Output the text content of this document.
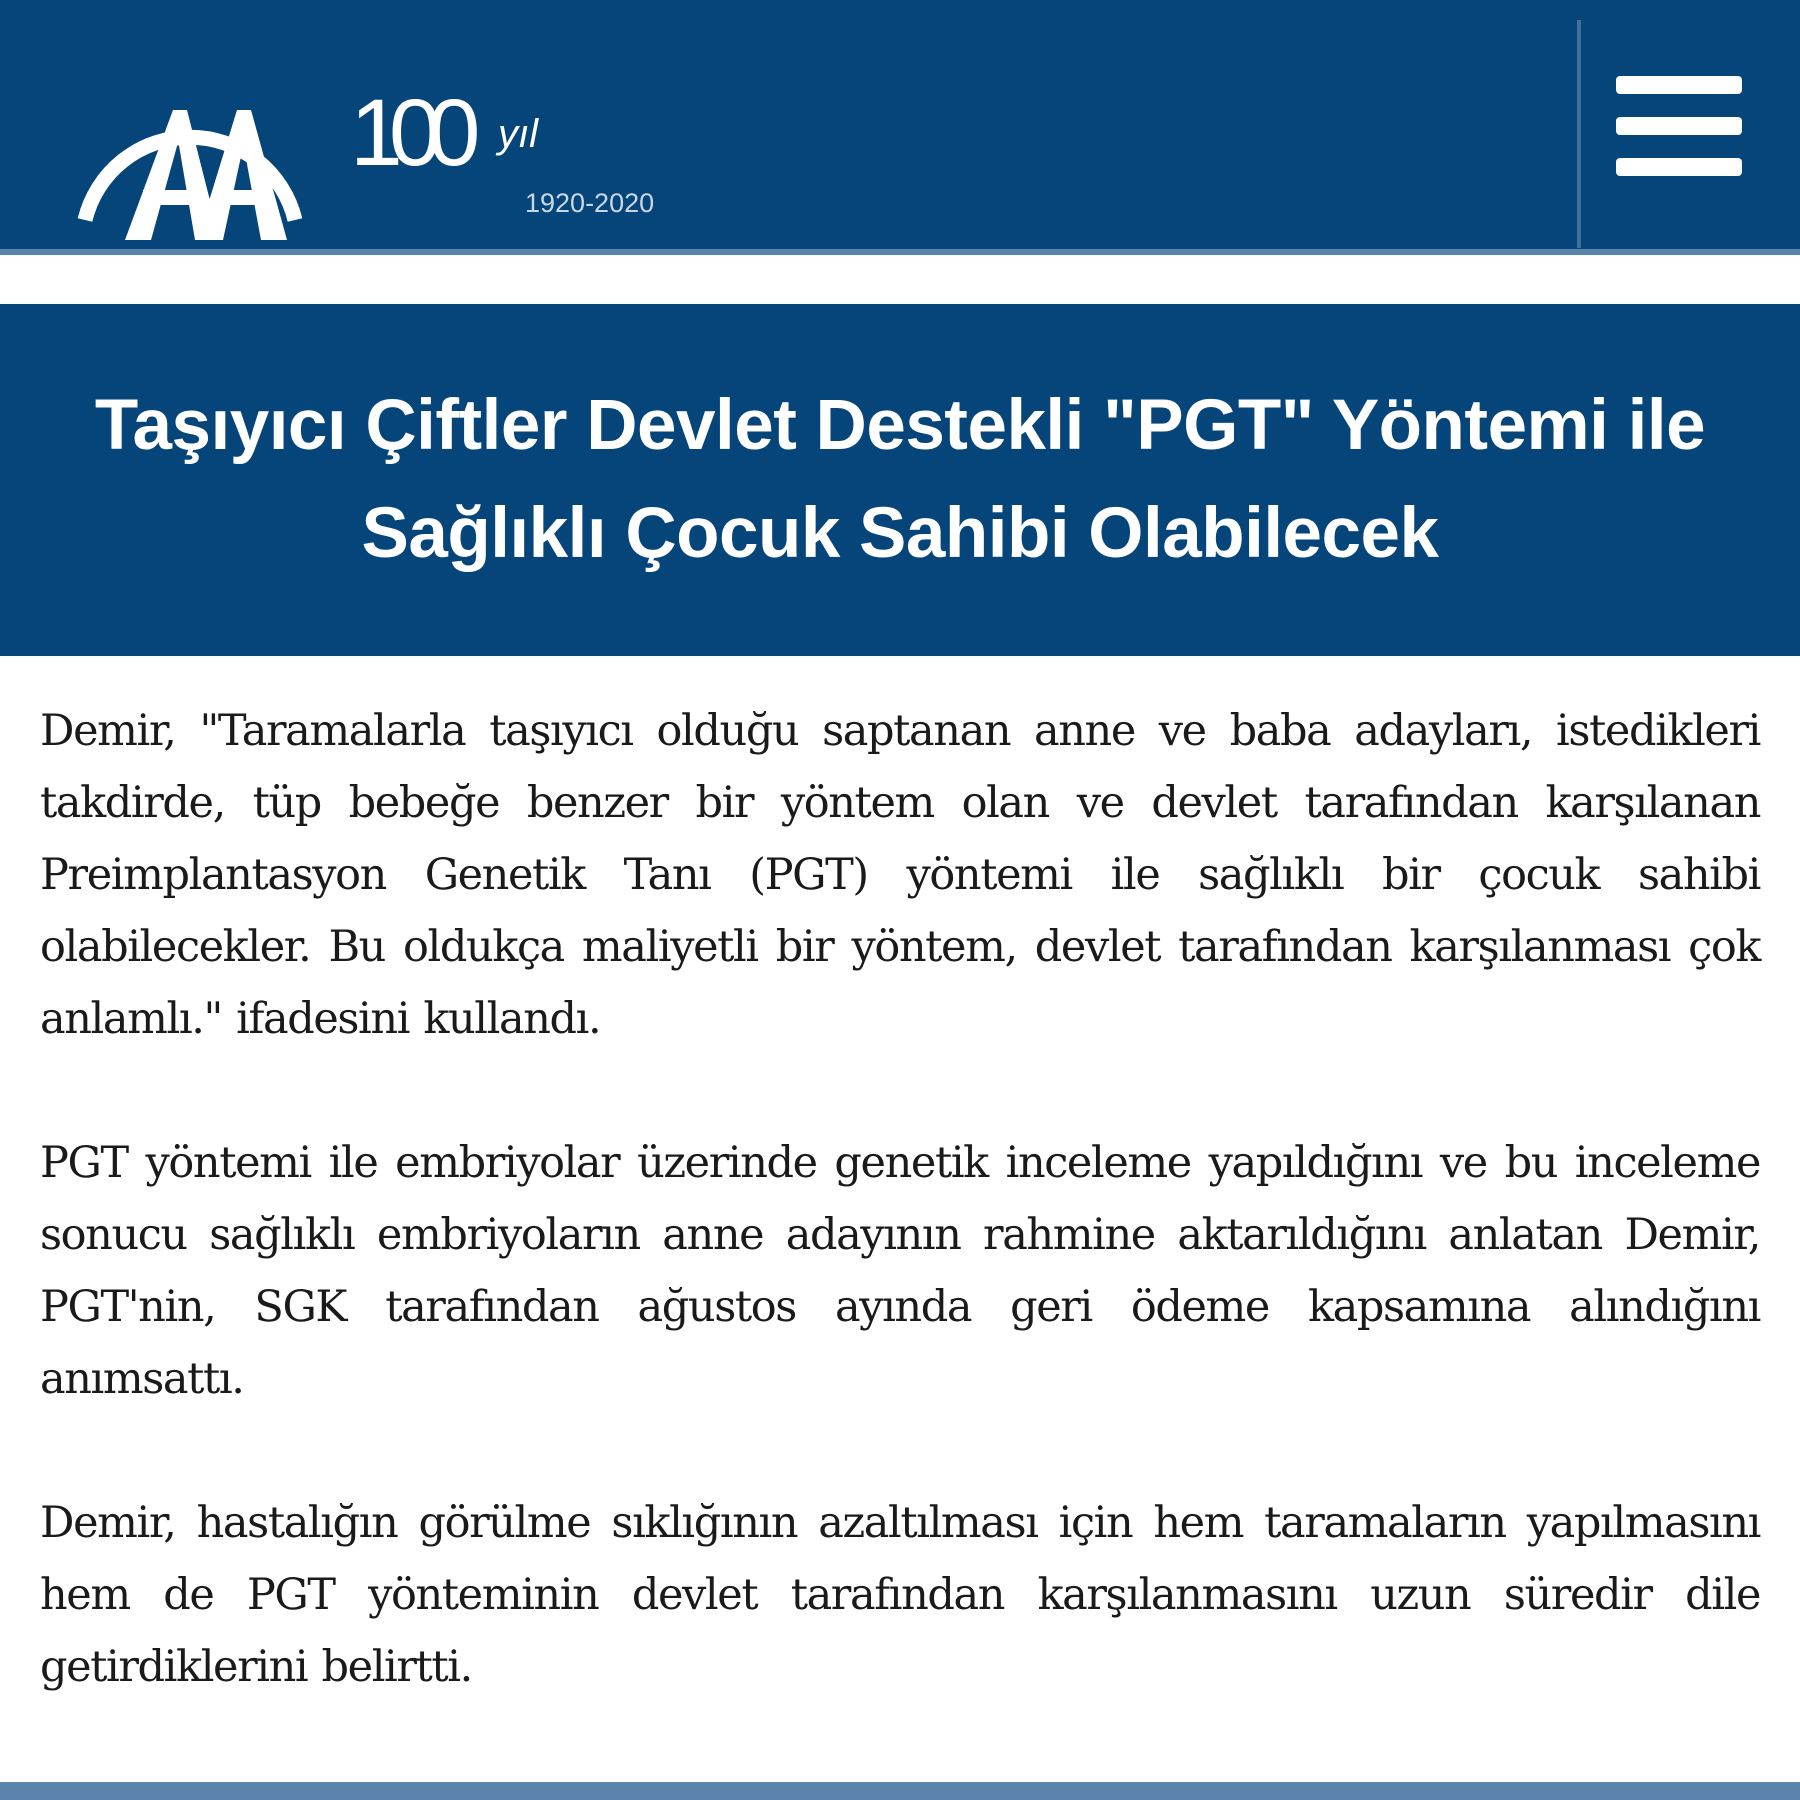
AA
100 yıl
1920-2020
Taşıyıcı Çiftler Devlet Destekli "PGT" Yöntemi ile Sağlıklı Çocuk Sahibi Olabilecek

Demir, "Taramalarla taşıyıcı olduğu saptanan anne ve baba adayları, istedikleri takdirde, tüp bebeğe benzer bir yöntem olan ve devlet tarafından karşılanan Preimplantasyon Genetik Tanı (PGT) yöntemi ile sağlıklı bir çocuk sahibi olabilecekler. Bu oldukça maliyetli bir yöntem, devlet tarafından karşılanması çok anlamlı." ifadesini kullandı.

PGT yöntemi ile embriyolar üzerinde genetik inceleme yapıldığını ve bu inceleme sonucu sağlıklı embriyoların anne adayının rahmine aktarıldığını anlatan Demir, PGT'nin, SGK tarafından ağustos ayında geri ödeme kapsamına alındığını anımsattı.

Demir, hastalığın görülme sıklığının azaltılması için hem taramaların yapılmasını hem de PGT yönteminin devlet tarafından karşılanmasını uzun süredir dile getirdiklerini belirtti.
